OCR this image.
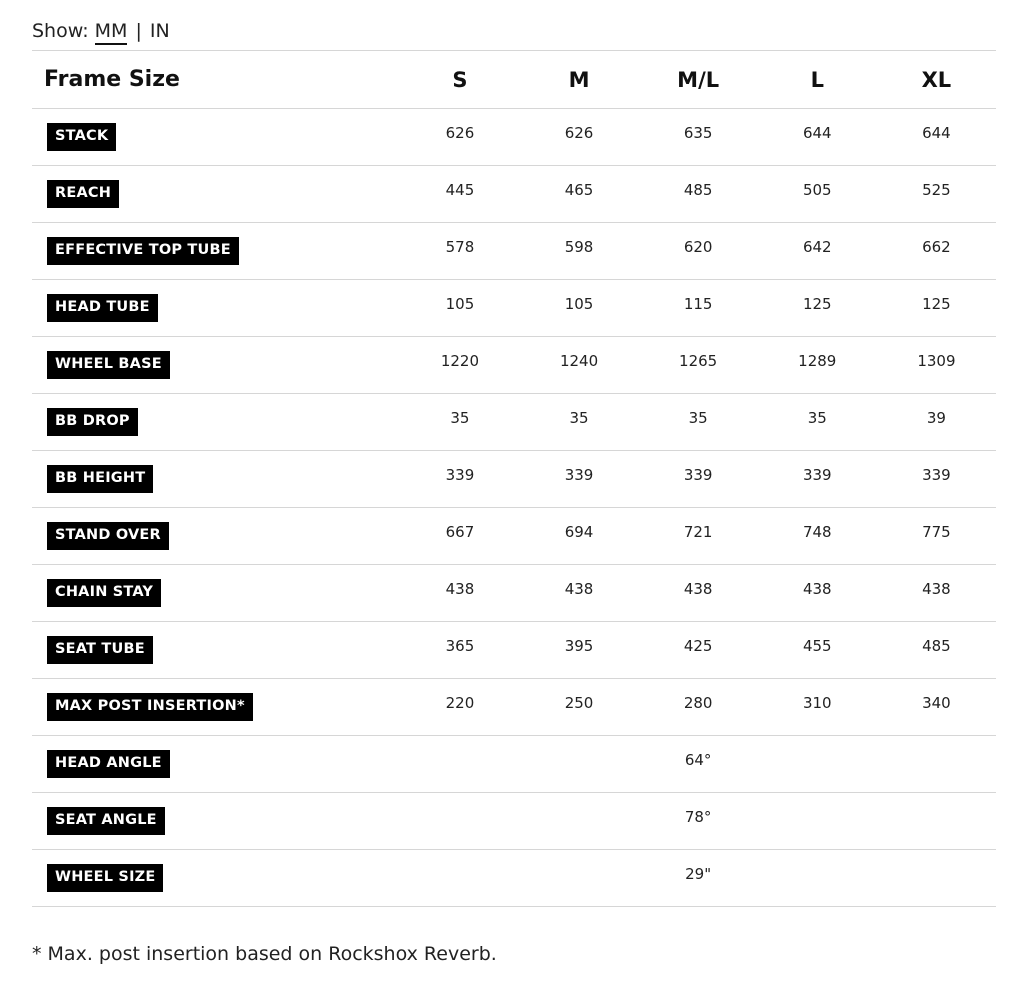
Show: MM | IN
Frame Size	S	M	M/L	L	XL
STACK	626	626	635	644	644
REACH	445	465	485	505	525
EFFECTIVE TOP TUBE	578	598	620	642	662
HEAD TUBE	105	105	115	125	125
WHEEL BASE	1220	1240	1265	1289	1309
BB DROP	35	35	35	35	39
BB HEIGHT	339	339	339	339	339
STAND OVER	667	694	721	748	775
CHAIN STAY	438	438	438	438	438
SEAT TUBE	365	395	425	455	485
MAX POST INSERTION*	220	250	280	310	340
HEAD ANGLE			64°		
SEAT ANGLE			78°		
WHEEL SIZE			29"		
* Max. post insertion based on Rockshox Reverb.
